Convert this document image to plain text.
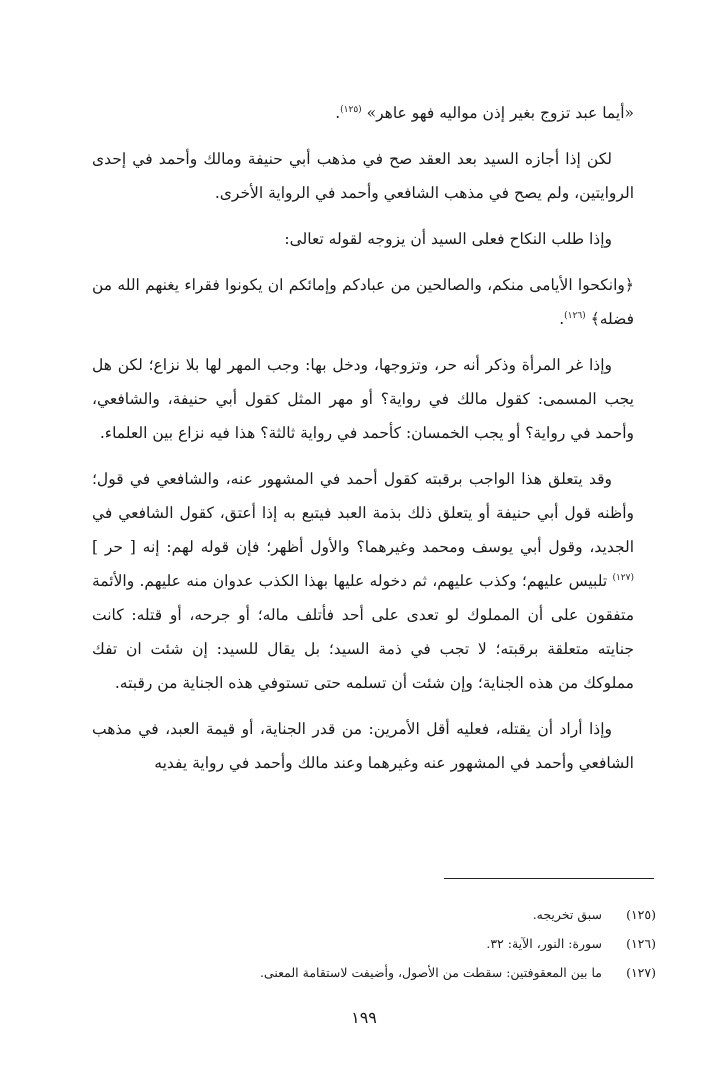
«أيما عبد تزوج بغير إذن مواليه فهو عاهر» $^{(١٢٥)}$.

لكن إذا أجازه السيد بعد العقد صح في مذهب أبي حنيفة ومالك وأحمد في إحدى الروايتين، ولم يصح في مذهب الشافعي وأحمد في الرواية الأخرى.

وإذا طلب النكاح فعلى السيد أن يزوجه لقوله تعالى:

﴿وانكحوا الأيامى منكم، والصالحين من عبادكم وإمائكم ان يكونوا فقراء يغنهم الله من فضله﴾ $^{(١٢٦)}$.

وإذا غر المرأة وذكر أنه حر، وتزوجها، ودخل بها: وجب المهر لها بلا نزاع؛ لكن هل يجب المسمى: كقول مالك في رواية؟ أو مهر المثل كقول أبي حنيفة، والشافعي، وأحمد في رواية؟ أو يجب الخمسان: كأحمد في رواية ثالثة؟ هذا فيه نزاع بين العلماء.

وقد يتعلق هذا الواجب برقبته كقول أحمد في المشهور عنه، والشافعي في قول؛ وأظنه قول أبي حنيفة أو يتعلق ذلك بذمة العبد فيتبع به إذا أعتق، كقول الشافعي في الجديد، وقول أبي يوسف ومحمد وغيرهما؟ والأول أظهر؛ فإن قوله لهم: إنه [ حر ] $^{(١٢٧)}$ تلبيس عليهم؛ وكذب عليهم، ثم دخوله عليها بهذا الكذب عدوان منه عليهم. والأئمة متفقون على أن المملوك لو تعدى على أحد فأتلف ماله؛ أو جرحه، أو قتله: كانت جنايته متعلقة برقبته؛ لا تجب في ذمة السيد؛ بل يقال للسيد: إن شئت ان تفك مملوكك من هذه الجناية؛ وإن شئت أن تسلمه حتى تستوفي هذه الجناية من رقبته.

وإذا أراد أن يقتله، فعليه أقل الأمرين: من قدر الجناية، أو قيمة العبد، في مذهب الشافعي وأحمد في المشهور عنه وغيرهما وعند مالك وأحمد في رواية يفديه

(١٢٥)
سبق تخريجه.
(١٢٦)
سورة: النور، الآية: ٣٢.
(١٢٧)
ما بين المعقوفتين: سقطت من الأصول، وأضيفت لاستقامة المعنى.
١٩٩
